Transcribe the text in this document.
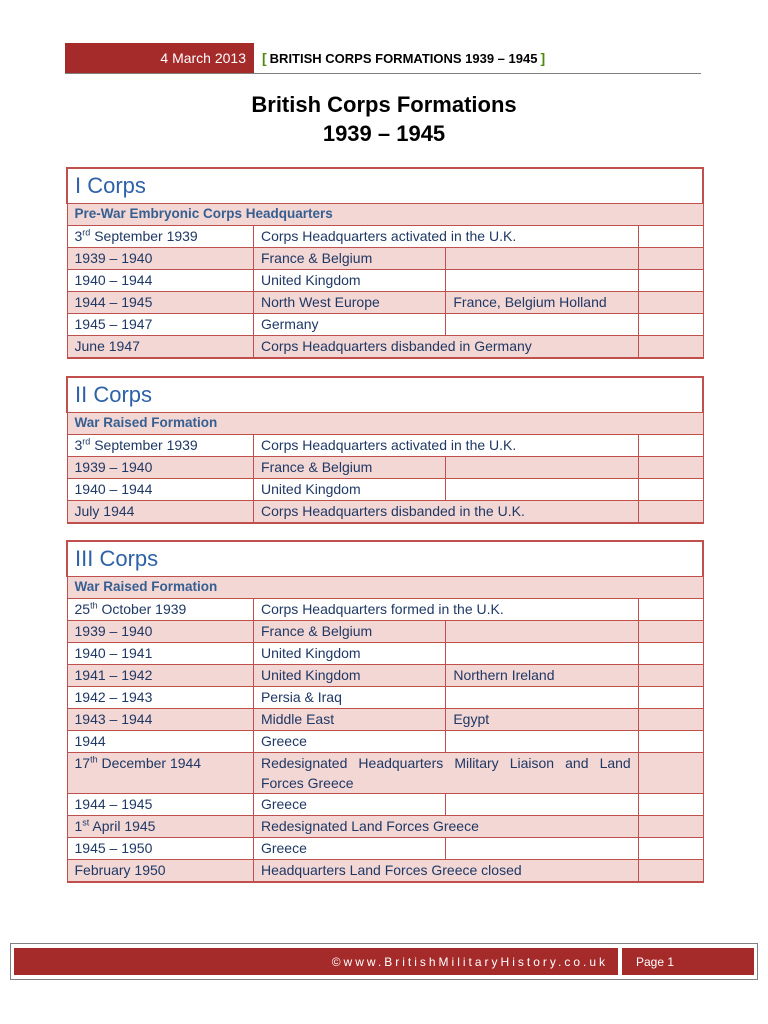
4 March 2013	[ BRITISH CORPS FORMATIONS 1939 – 1945 ]
British Corps Formations
1939 – 1945
I Corps			
Pre-War Embryonic Corps Headquarters			
3rd September 1939	Corps Headquarters activated in the U.K.		
1939 – 1940	France & Belgium		
1940 – 1944	United Kingdom		
1944 – 1945	North West Europe	France, Belgium Holland	
1945 – 1947	Germany		
June 1947	Corps Headquarters disbanded in Germany		
II Corps			
War Raised Formation			
3rd September 1939	Corps Headquarters activated in the U.K.		
1939 – 1940	France & Belgium		
1940 – 1944	United Kingdom		
July 1944	Corps Headquarters disbanded in the U.K.		
III Corps			
War Raised Formation			
25th October 1939	Corps Headquarters formed in the U.K.		
1939 – 1940	France & Belgium		
1940 – 1941	United Kingdom		
1941 – 1942	United Kingdom	Northern Ireland	
1942 – 1943	Persia & Iraq		
1943 – 1944	Middle East	Egypt	
1944	Greece		
17th December 1944	Redesignated Headquarters Military Liaison and Land Forces Greece		
1944 – 1945	Greece		
1st April 1945	Redesignated Land Forces Greece		
1945 – 1950	Greece		
February 1950	Headquarters Land Forces Greece closed		
©www.BritishMilitaryHistory.co.uk	Page 1
